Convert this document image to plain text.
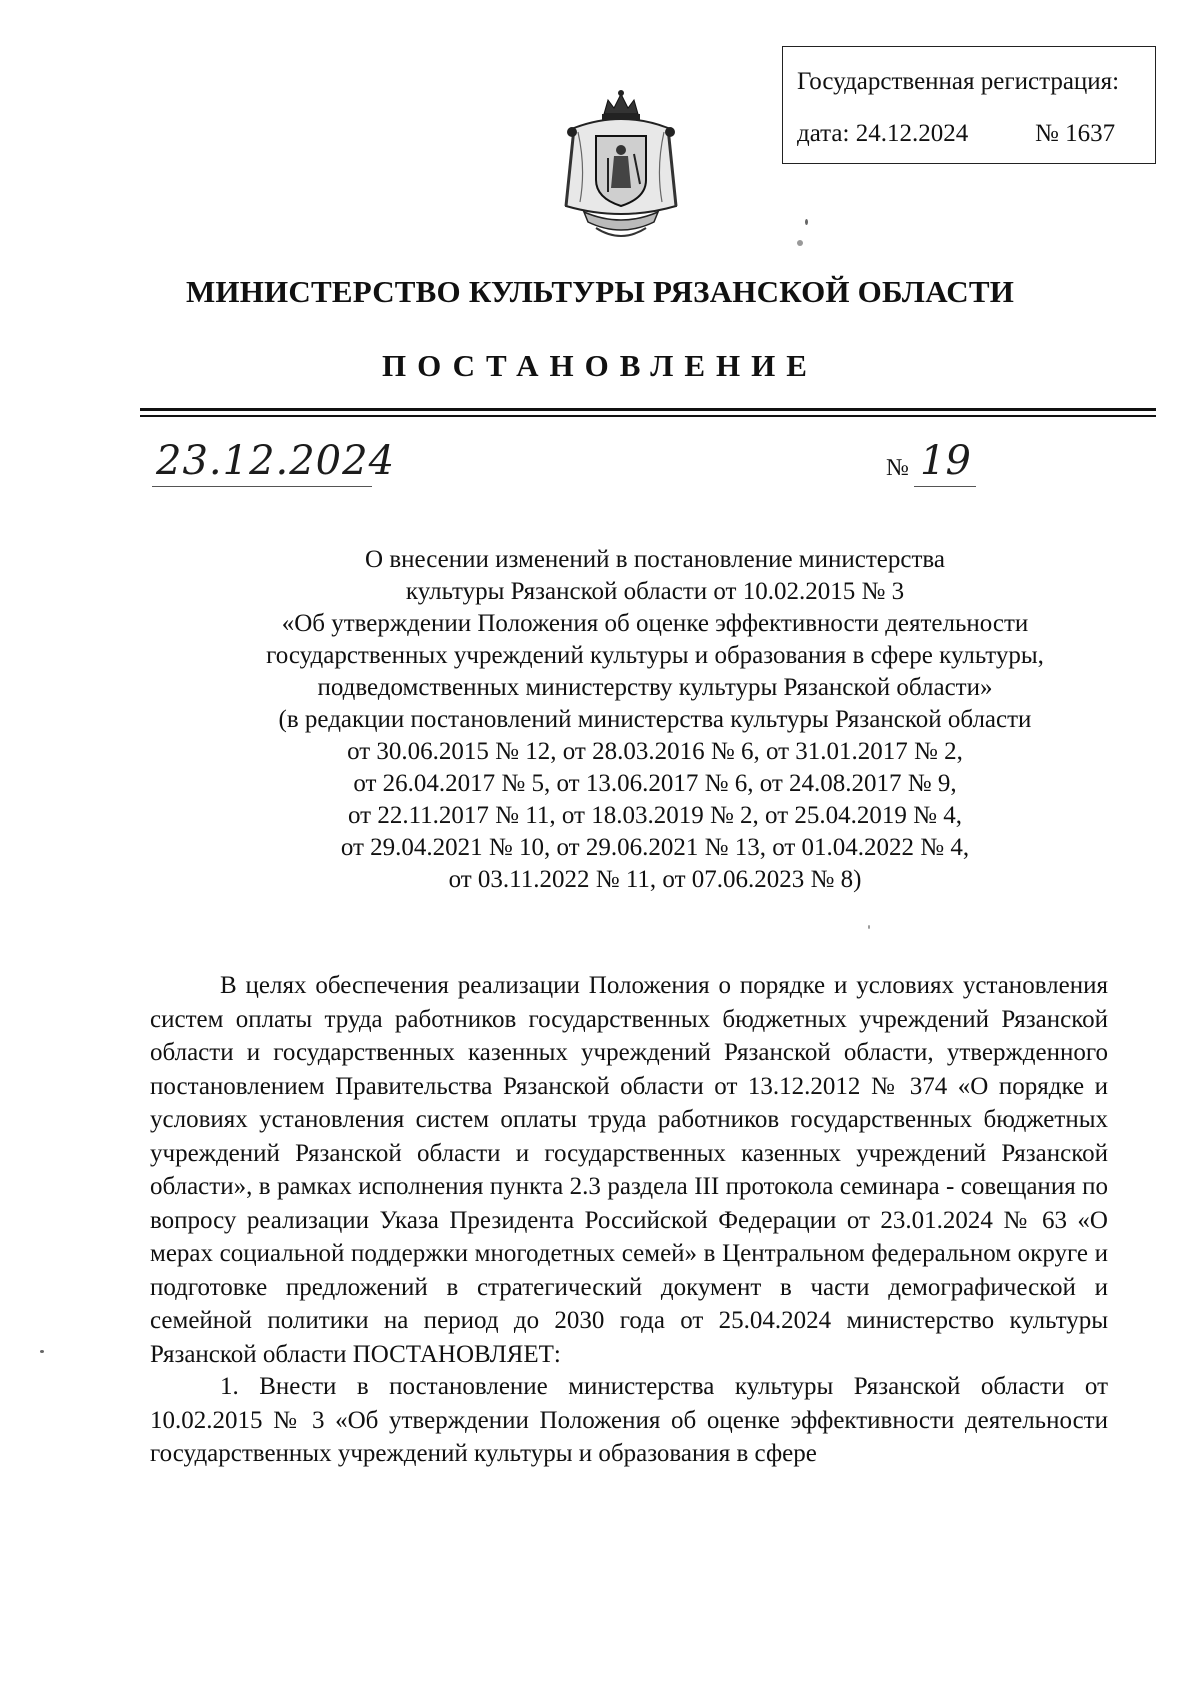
Государственная регистрация:
дата: 24.12.2024	№ 1637
МИНИСТЕРСТВО КУЛЬТУРЫ РЯЗАНСКОЙ ОБЛАСТИ
ПОСТАНОВЛЕНИЕ
23.12.2024	№ 19
О внесении изменений в постановление министерства
культуры Рязанской области от 10.02.2015 № 3
«Об утверждении Положения об оценке эффективности деятельности
государственных учреждений культуры и образования в сфере культуры,
подведомственных министерству культуры Рязанской области»
(в редакции постановлений министерства культуры Рязанской области
от 30.06.2015 № 12, от 28.03.2016 № 6, от 31.01.2017 № 2,
от 26.04.2017 № 5, от 13.06.2017 № 6, от 24.08.2017 № 9,
от 22.11.2017 № 11, от 18.03.2019 № 2, от 25.04.2019 № 4,
от 29.04.2021 № 10, от 29.06.2021 № 13, от 01.04.2022 № 4,
от 03.11.2022 № 11, от 07.06.2023 № 8)

В целях обеспечения реализации Положения о порядке и условиях установления систем оплаты труда работников государственных бюджетных учреждений Рязанской области и государственных казенных учреждений Рязанской области, утвержденного постановлением Правительства Рязанской области от 13.12.2012 № 374 «О порядке и условиях установления систем оплаты труда работников государственных бюджетных учреждений Рязанской области и государственных казенных учреждений Рязанской области», в рамках исполнения пункта 2.3 раздела III протокола семинара - совещания по вопросу реализации Указа Президента Российской Федерации от 23.01.2024 № 63 «О мерах социальной поддержки многодетных семей» в Центральном федеральном округе и подготовке предложений в стратегический документ в части демографической и семейной политики на период до 2030 года от 25.04.2024 министерство культуры Рязанской области ПОСТАНОВЛЯЕТ:

1. Внести в постановление министерства культуры Рязанской области от 10.02.2015 № 3 «Об утверждении Положения об оценке эффективности деятельности государственных учреждений культуры и образования в сфере
